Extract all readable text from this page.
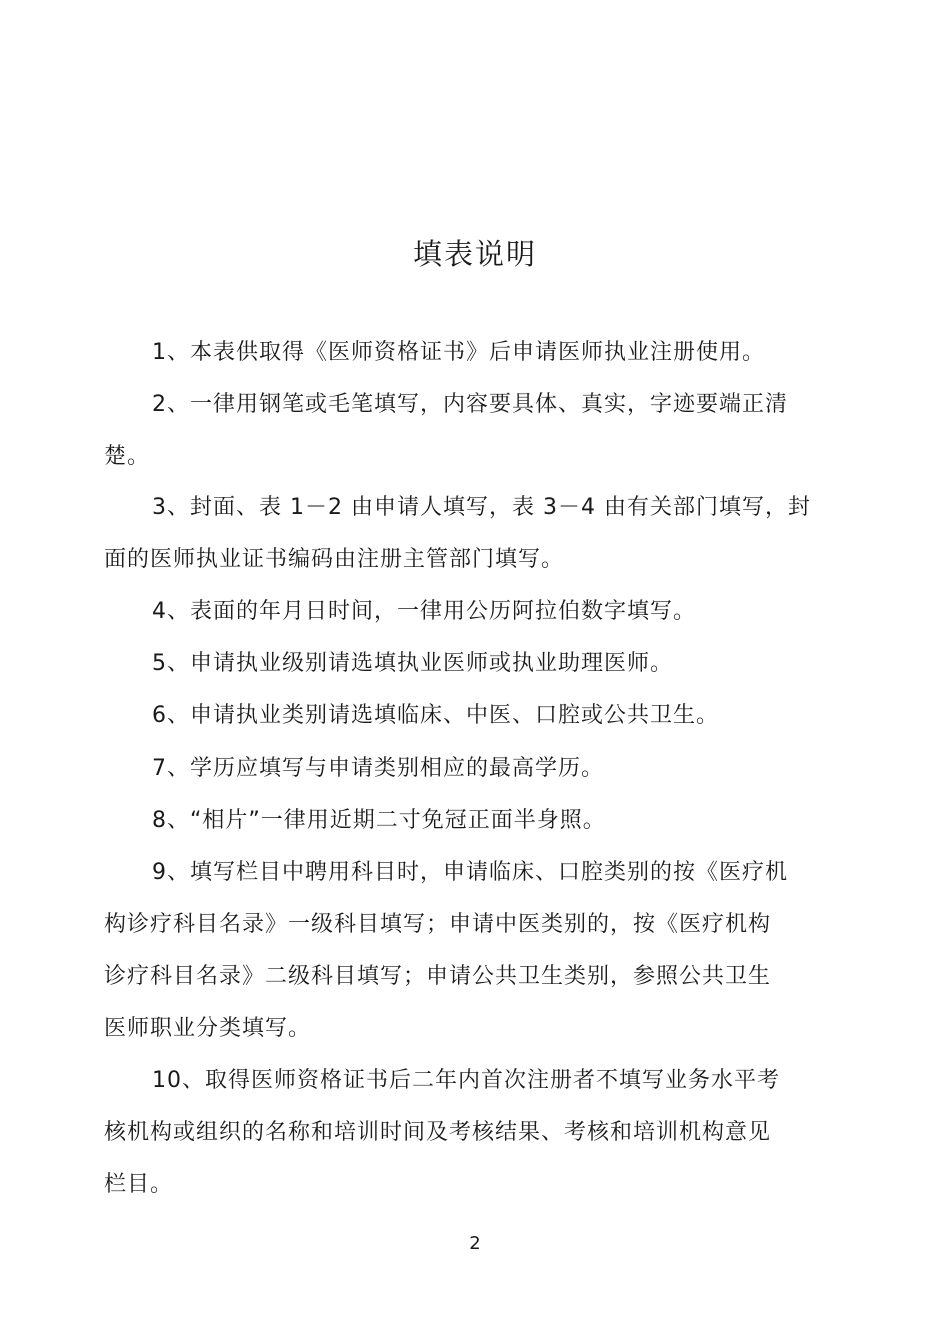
填表说明
1、本表供取得《医师资格证书》后申请医师执业注册使用。
2、一律用钢笔或毛笔填写，内容要具体、真实，字迹要端正清
楚。
3、封面、表 1－2 由申请人填写，表 3－4 由有关部门填写，封
面的医师执业证书编码由注册主管部门填写。
4、表面的年月日时间，一律用公历阿拉伯数字填写。
5、申请执业级别请选填执业医师或执业助理医师。
6、申请执业类别请选填临床、中医、口腔或公共卫生。
7、学历应填写与申请类别相应的最高学历。
8、“相片”一律用近期二寸免冠正面半身照。
9、填写栏目中聘用科目时，申请临床、口腔类别的按《医疗机
构诊疗科目名录》一级科目填写；申请中医类别的，按《医疗机构
诊疗科目名录》二级科目填写；申请公共卫生类别，参照公共卫生
医师职业分类填写。
10、取得医师资格证书后二年内首次注册者不填写业务水平考
核机构或组织的名称和培训时间及考核结果、考核和培训机构意见
栏目。
2
